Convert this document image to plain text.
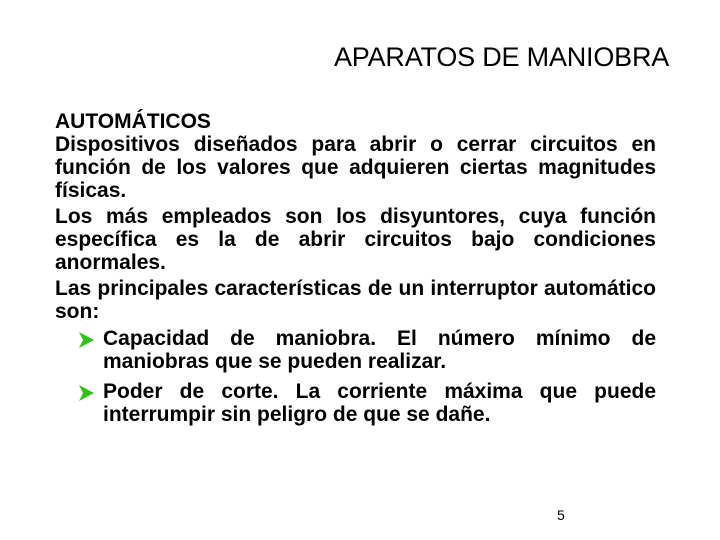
APARATOS DE MANIOBRA
AUTOMÁTICOS
Dispositivos diseñados para abrir o cerrar circuitos en función de los valores que adquieren ciertas magnitudes físicas.
Los más empleados son los disyuntores, cuya función específica es la de abrir circuitos bajo condiciones anormales.
Las principales características de un interruptor automático son:
Capacidad de maniobra. El número mínimo de maniobras que se pueden realizar.
Poder de corte. La corriente máxima que puede interrumpir sin peligro de que se dañe.
5
